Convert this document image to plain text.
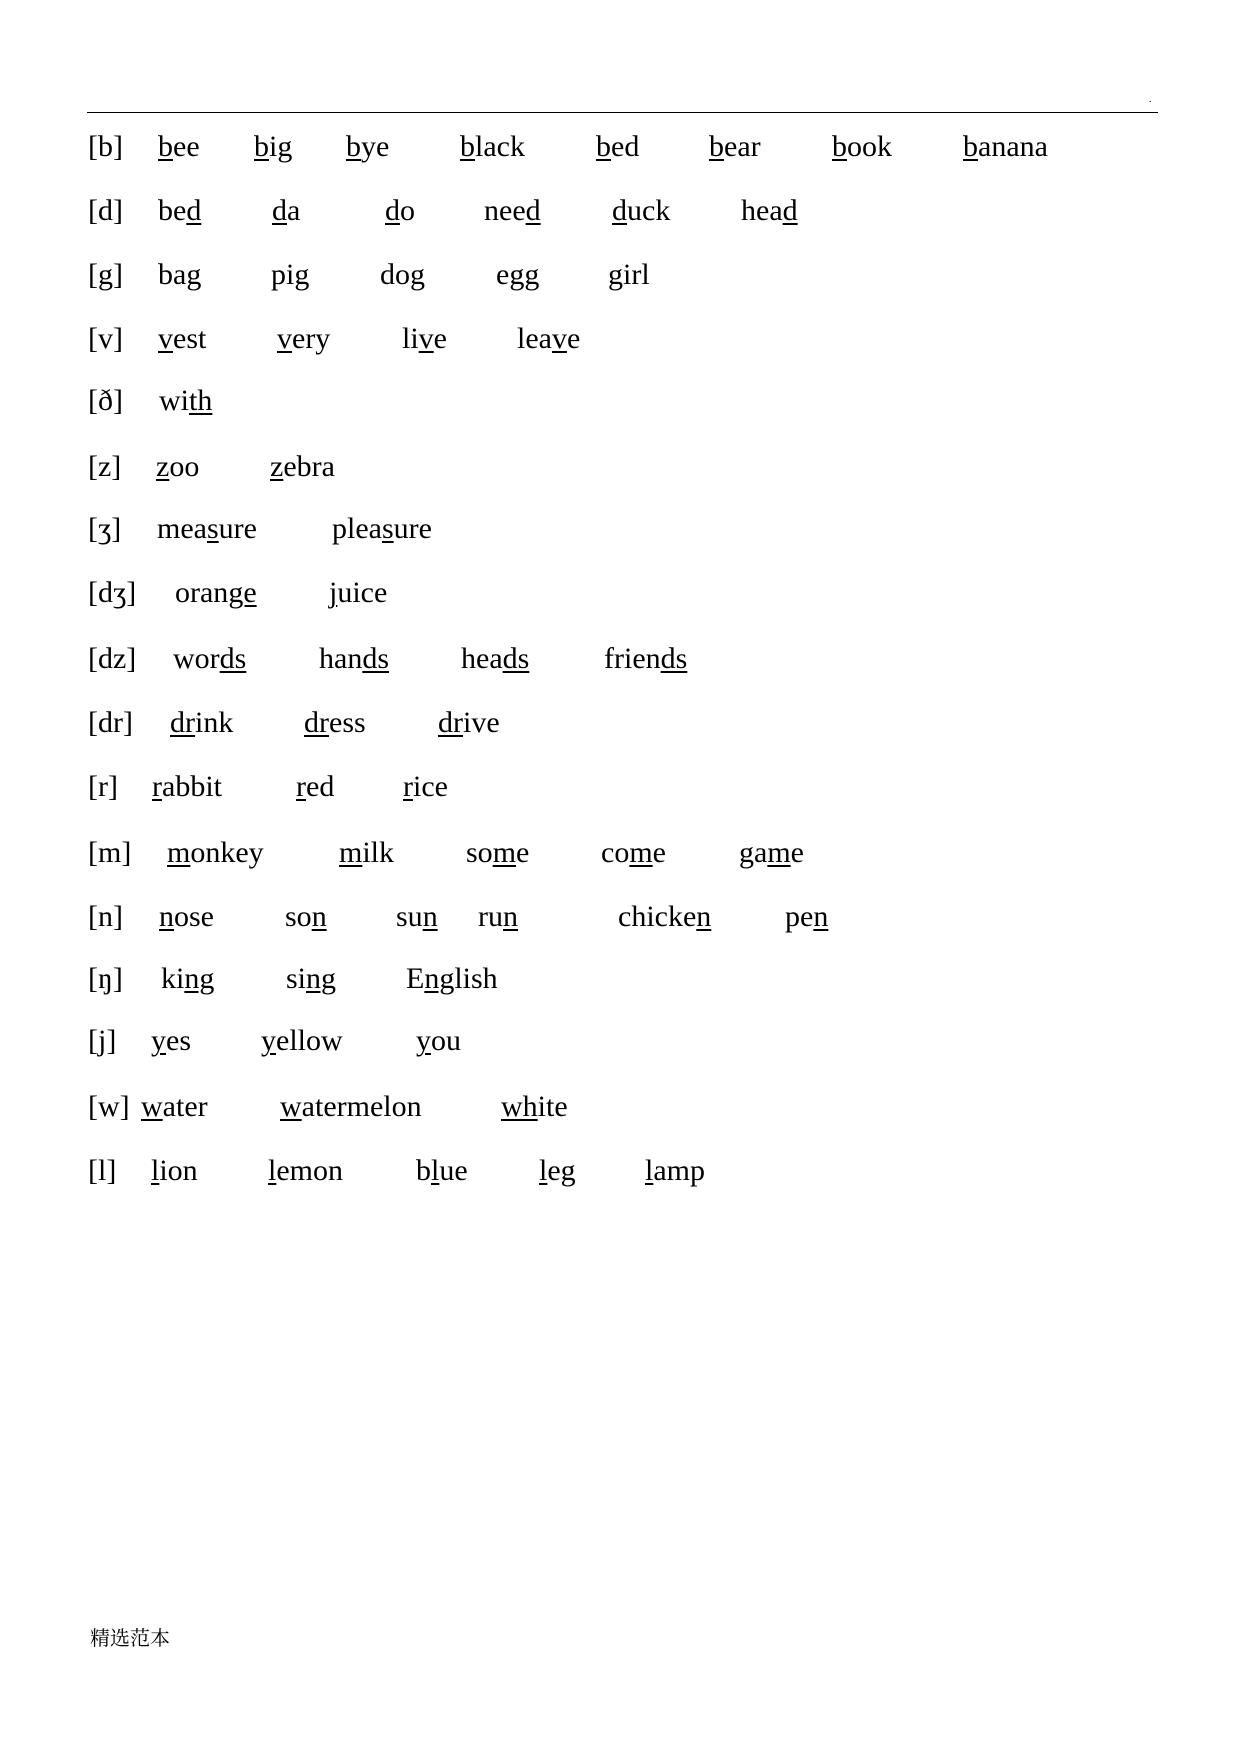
.
[b] bee big bye black bed bear book banana
[d] bed da	do need duck head
[g] bag pig dog egg girl
[v] vest very live leave
[ð] with
[z] zoo zebra
[ʒ] measure	pleasure
[dʒ] orange juice
[dz] words hands heads friends
[dr] drink dress drive
[r] rabbit red rice
[m] monkey	milk some come game
[n] nose son sun run	chicken pen
[ŋ] king sing English
[j] yes yellow you
[w] water watermelon	white
[l] lion lemon blue leg lamp
精选范本
